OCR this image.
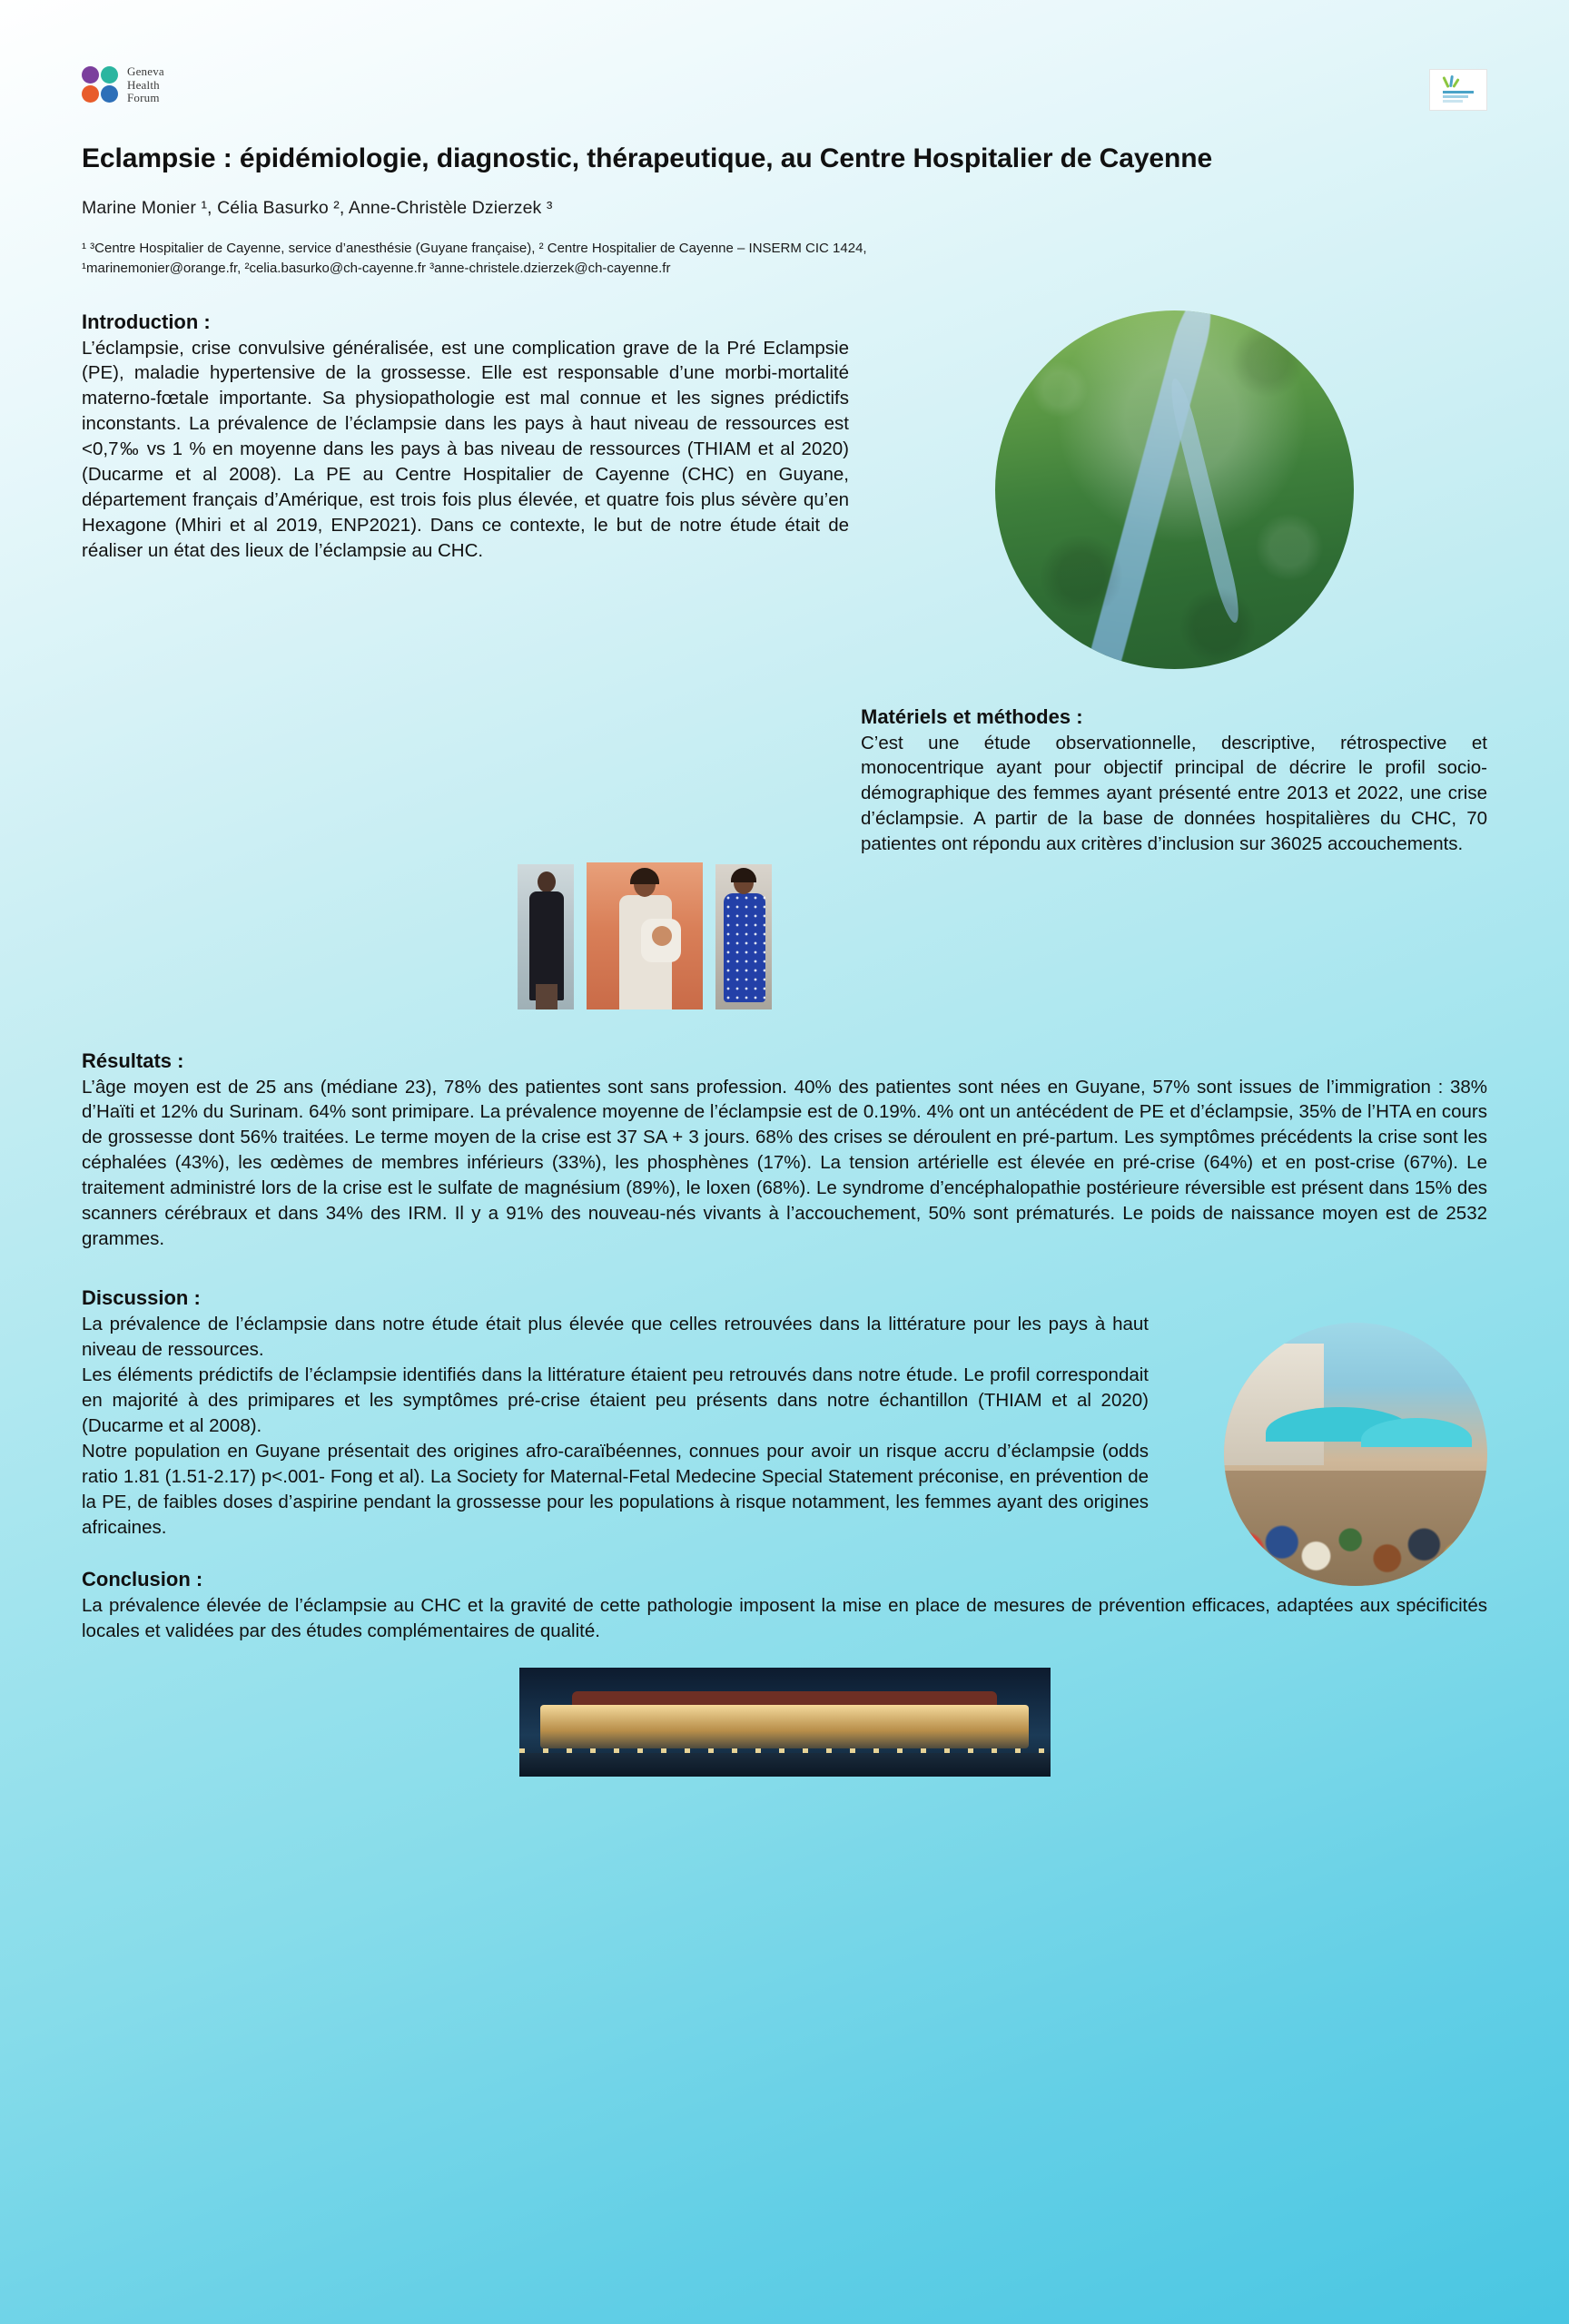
Geneva
Health
Forum
Eclampsie : épidémiologie, diagnostic, thérapeutique, au Centre Hospitalier de Cayenne
Marine Monier ¹, Célia Basurko ², Anne-Christèle Dzierzek ³
¹ ³Centre Hospitalier de Cayenne, service d’anesthésie (Guyane française), ² Centre Hospitalier de Cayenne – INSERM CIC 1424,
¹marinemonier@orange.fr, ²celia.basurko@ch-cayenne.fr ³anne-christele.dzierzek@ch-cayenne.fr
Introduction :

L’éclampsie, crise convulsive généralisée, est une complication grave de la Pré Eclampsie (PE), maladie hypertensive de la grossesse. Elle est responsable d’une morbi-mortalité materno-fœtale importante. Sa physiopathologie est mal connue et les signes prédictifs inconstants. La prévalence de l’éclampsie dans les pays à haut niveau de ressources est <0,7‰ vs 1 % en moyenne dans les pays à bas niveau de ressources (THIAM et al 2020) (Ducarme et al 2008). La PE au Centre Hospitalier de Cayenne (CHC) en Guyane, département français d’Amérique, est trois fois plus élevée, et quatre fois plus sévère qu’en Hexagone (Mhiri et al 2019, ENP2021). Dans ce contexte, le but de notre étude était de réaliser un état des lieux de l’éclampsie au CHC.

Matériels et méthodes :

C’est une étude observationnelle, descriptive, rétrospective et monocentrique ayant pour objectif principal de décrire le profil socio-démographique des femmes ayant présenté entre 2013 et 2022, une crise d’éclampsie. A partir de la base de données hospitalières du CHC, 70 patientes ont répondu aux critères d’inclusion sur 36025 accouchements.

Résultats :

L’âge moyen est de 25 ans (médiane 23), 78% des patientes sont sans profession. 40% des patientes sont nées en Guyane, 57% sont issues de l’immigration : 38% d’Haïti et 12% du Surinam. 64% sont primipare. La prévalence moyenne de l’éclampsie est de 0.19%. 4% ont un antécédent de PE et d’éclampsie, 35% de l’HTA en cours de grossesse dont 56% traitées. Le terme moyen de la crise est 37 SA + 3 jours. 68% des crises se déroulent en pré-partum. Les symptômes précédents la crise sont les céphalées (43%), les œdèmes de membres inférieurs (33%), les phosphènes (17%). La tension artérielle est élevée en pré-crise (64%) et en post-crise (67%). Le traitement administré lors de la crise est le sulfate de magnésium (89%), le loxen (68%). Le syndrome d’encéphalopathie postérieure réversible est présent dans 15% des scanners cérébraux et dans 34% des IRM. Il y a 91% des nouveau-nés vivants à l’accouchement, 50% sont prématurés. Le poids de naissance moyen est de 2532 grammes.

Discussion :

La prévalence de l’éclampsie dans notre étude était plus élevée que celles retrouvées dans la littérature pour les pays à haut niveau de ressources.

Les éléments prédictifs de l’éclampsie identifiés dans la littérature étaient peu retrouvés dans notre étude. Le profil correspondait en majorité à des primipares et les symptômes pré-crise étaient peu présents dans notre échantillon (THIAM et al 2020) (Ducarme et al 2008).

Notre population en Guyane présentait des origines afro-caraïbéennes, connues pour avoir un risque accru d’éclampsie (odds ratio 1.81 (1.51-2.17) p<.001- Fong et al). La Society for Maternal-Fetal Medecine Special Statement préconise, en prévention de la PE, de faibles doses d’aspirine pendant la grossesse pour les populations à risque notamment, les femmes ayant des origines africaines.

Conclusion :

La prévalence élevée de l’éclampsie au CHC et la gravité de cette pathologie imposent la mise en place de mesures de prévention efficaces, adaptées aux spécificités locales et validées par des études complémentaires de qualité.
